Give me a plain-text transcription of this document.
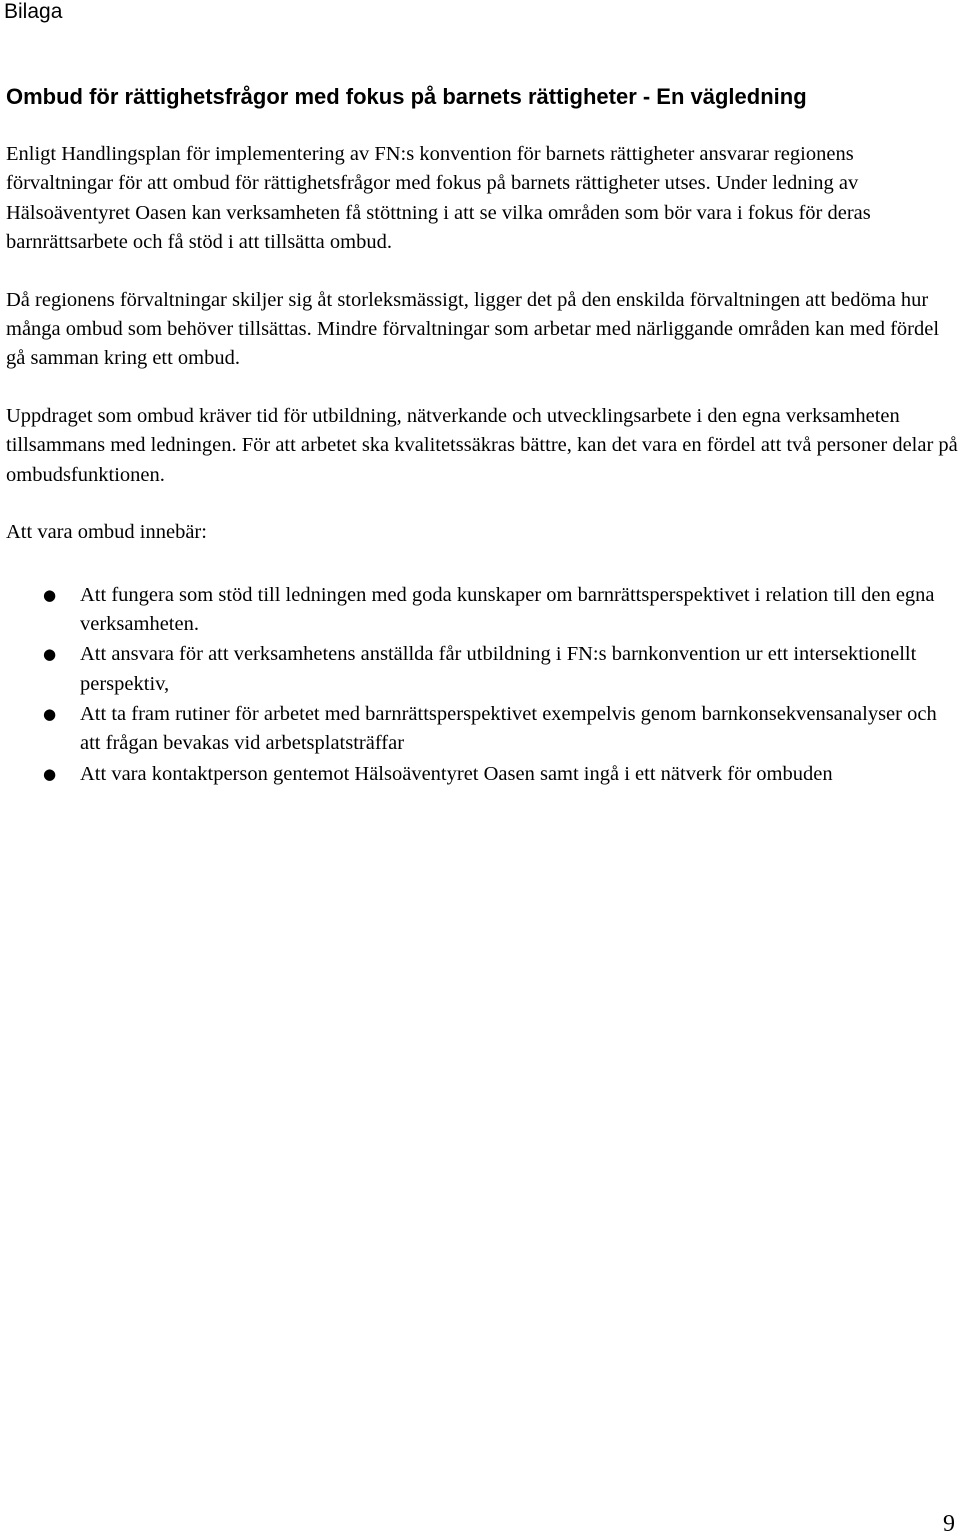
Bilaga

Ombud för rättighetsfrågor med fokus på barnets rättigheter - En vägledning

Enligt Handlingsplan för implementering av FN:s konvention för barnets rättigheter ansvarar regionens förvaltningar för att ombud för rättighetsfrågor med fokus på barnets rättigheter utses. Under ledning av Hälsoäventyret Oasen kan verksamheten få stöttning i att se vilka områden som bör vara i fokus för deras barnrättsarbete och få stöd i att tillsätta ombud.

Då regionens förvaltningar skiljer sig åt storleksmässigt, ligger det på den enskilda förvaltningen att bedöma hur många ombud som behöver tillsättas. Mindre förvaltningar som arbetar med närliggande områden kan med fördel gå samman kring ett ombud.

Uppdraget som ombud kräver tid för utbildning, nätverkande och utvecklingsarbete i den egna verksamheten tillsammans med ledningen. För att arbetet ska kvalitetssäkras bättre, kan det vara en fördel att två personer delar på ombudsfunktionen.

Att vara ombud innebär:

● Att fungera som stöd till ledningen med goda kunskaper om barnrättsperspektivet i relation till den egna verksamheten.
● Att ansvara för att verksamhetens anställda får utbildning i FN:s barnkonvention ur ett intersektionellt perspektiv,
● Att ta fram rutiner för arbetet med barnrättsperspektivet exempelvis genom barnkonsekvensanalyser och att frågan bevakas vid arbetsplatsträffar
● Att vara kontaktperson gentemot Hälsoäventyret Oasen samt ingå i ett nätverk för ombuden

9
